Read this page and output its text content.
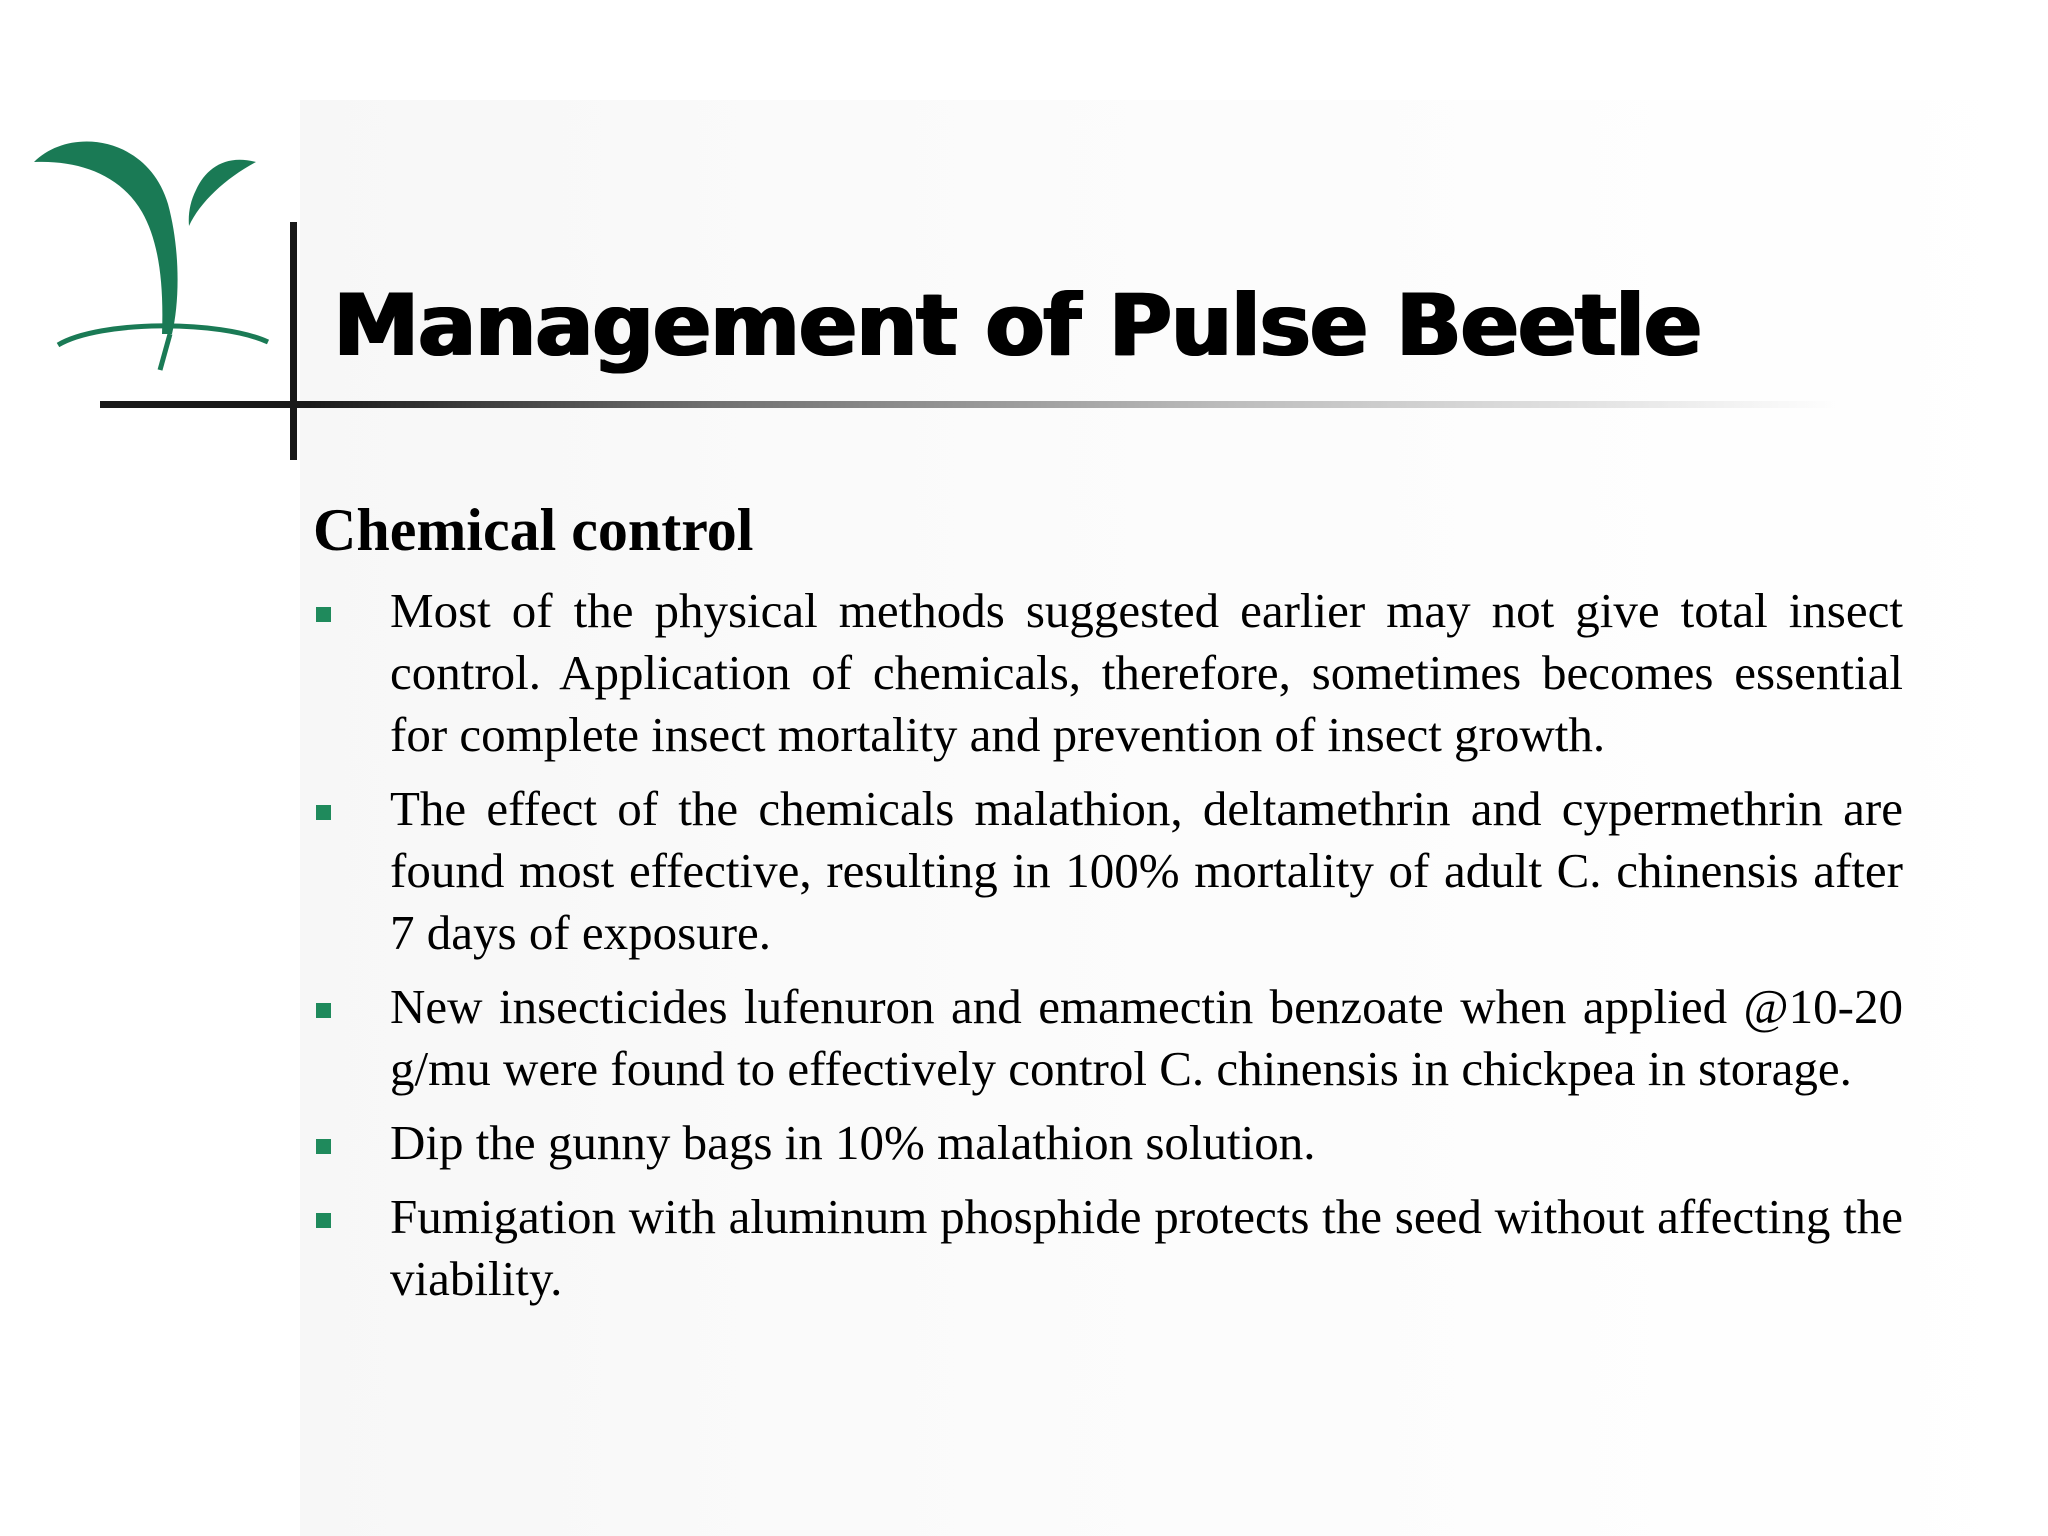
Management of Pulse Beetle
Chemical control
Most of the physical methods suggested earlier may not give total insect control. Application of chemicals, therefore, sometimes becomes essential for complete insect mortality and prevention of insect growth.
The effect of the chemicals malathion, deltamethrin and cypermethrin are found most effective, resulting in 100% mortality of adult C. chinensis after 7 days of exposure.
New insecticides lufenuron and emamectin benzoate when applied @10-20 g/mu were found to effectively control C. chinensis in chickpea in storage.
Dip the gunny bags in 10% malathion solution.
Fumigation with aluminum phosphide protects the seed without affecting the viability.
